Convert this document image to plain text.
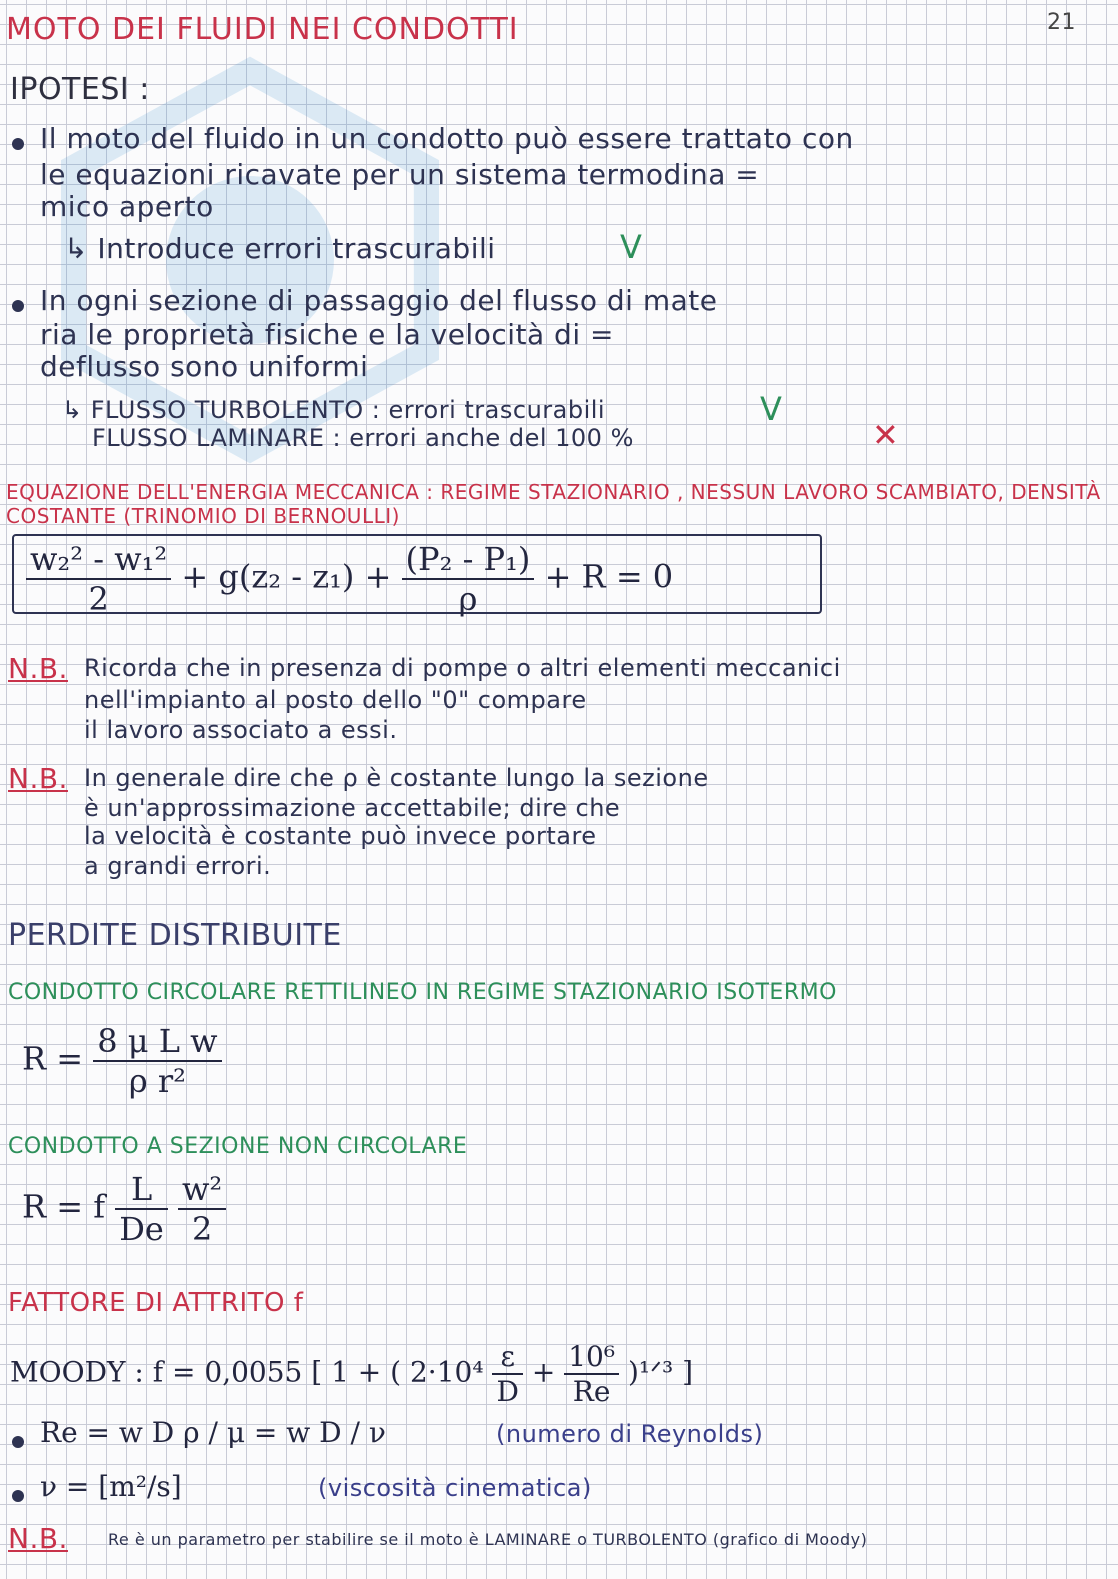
MOTO DEI FLUIDI NEI CONDOTTI	21
IPOTESI :
Il moto del fluido in un condotto può essere trattato con
le equazioni ricavate per un sistema termodina =
mico aperto
↳ Introduce errori trascurabili	V
In ogni sezione di passaggio del flusso di mate
ria le proprietà fisiche e la velocità di =
deflusso sono uniformi
↳ FLUSSO TURBOLENTO : errori trascurabili	V
FLUSSO LAMINARE : errori anche del 100 %	✕
EQUAZIONE DELL'ENERGIA MECCANICA : REGIME STAZIONARIO , NESSUN LAVORO SCAMBIATO, DENSITÀ
COSTANTE (TRINOMIO DI BERNOULLI)
$\frac{\text{w₂² - w₁²}}{2} + g(z_2 - z_1) + \frac{\text{(P₂ - P₁)}}{\rho} + R = 0$
N.B. Ricorda che in presenza di pompe o altri elementi meccanici
nell'impianto al posto dello "0" compare
il lavoro associato a essi.
N.B. In generale dire che ρ è costante lungo la sezione
è un'approssimazione accettabile; dire che
la velocità è costante può invece portare
a grandi errori.
PERDITE DISTRIBUITE
CONDOTTO CIRCOLARE RETTILINEO IN REGIME STAZIONARIO ISOTERMO
$R = \frac{\text{8 μ L w}}{\text{ρ r²}}$
CONDOTTO A SEZIONE NON CIRCOLARE
R = f $\frac{L}{De}$
$\frac{\text{w²}}{2}$
FATTORE DI ATTRITO f
MOODY : f = 0,0055 [ 1 + ( $2\cdot 10^4 \frac{\varepsilon}{D} + \frac{\text{10⁶}}{Re}$ )¹ᐟ³ ]
Re = w D ρ / μ = w D / ν	(numero di Reynolds)
ν = [m²/s]	(viscosità cinematica)
N.B.	Re è un parametro per stabilire se il moto è LAMINARE o TURBOLENTO (grafico di Moody)
